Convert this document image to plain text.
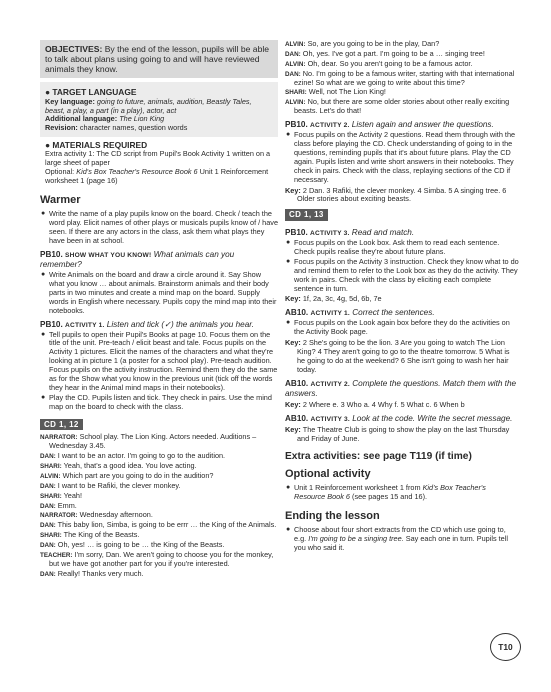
OBJECTIVES: By the end of the lesson, pupils will be able to talk about plans using going to and will have reviewed animals they know.

● TARGET LANGUAGE

Key language: going to future, animals, audition, Beastly Tales, beast, a play, a part (in a play), actor, act

Additional language: The Lion King

Revision: character names, question words

● MATERIALS REQUIRED

Extra activity 1: The CD script from Pupil's Book Activity 1 written on a large sheet of paper

Optional: Kid's Box Teacher's Resource Book 6 Unit 1 Reinforcement worksheet 1 (page 16)

Warmer
● Write the name of a play pupils know on the board. Check / teach the word play. Elicit names of other plays or musicals pupils know of / have seen. If there are any actors in the class, ask them what plays they have been in at school.

PB10. SHOW WHAT YOU KNOW! What animals can you remember?

● Write Animals on the board and draw a circle around it. Say Show what you know … about animals. Brainstorm animals and their body parts in two minutes and create a mind map on the board. Supply words in English where necessary. Pupils copy the mind map into their notebooks.

PB10. ACTIVITY 1. Listen and tick (✓) the animals you hear.

● Tell pupils to open their Pupil's Books at page 10. Focus them on the title of the unit. Pre-teach / elicit beast and tale. Focus pupils on the Activity 1 pictures. Elicit the names of the characters and what they're looking at in picture 1 (a poster for a school play). Pre-teach audition. Focus pupils on the activity instruction. Remind them they do the same as for the Show what you know in the previous unit (tick off the words they hear in the Animal mind maps in their notebooks).
● Play the CD. Pupils listen and tick. They check in pairs. Use the mind map on the board to check with the class.
CD 1, 12

NARRATOR: School play. The Lion King. Actors needed. Auditions – Wednesday 3.45.

DAN: I want to be an actor. I'm going to go to the audition.

SHARI: Yeah, that's a good idea. You love acting.

ALVIN: Which part are you going to do in the audition?

DAN: I want to be Rafiki, the clever monkey.

SHARI: Yeah!

DAN: Emm.

NARRATOR: Wednesday afternoon.

DAN: This baby lion, Simba, is going to be errr … the King of the Animals.

SHARI: The King of the Beasts.

DAN: Oh, yes! … is going to be … the King of the Beasts.

TEACHER: I'm sorry, Dan. We aren't going to choose you for the monkey, but we have got another part for you if you're interested.

DAN: Really! Thanks very much.

ALVIN: So, are you going to be in the play, Dan?

DAN: Oh, yes. I've got a part. I'm going to be a … singing tree!

ALVIN: Oh, dear. So you aren't going to be a famous actor.

DAN: No. I'm going to be a famous writer, starting with that international ezine! So what are we going to write about this time?

SHARI: Well, not The Lion King!

ALVIN: No, but there are some older stories about other really exciting beasts. Let's do that!

PB10. ACTIVITY 2. Listen again and answer the questions.

● Focus pupils on the Activity 2 questions. Read them through with the class before playing the CD. Check understanding of going to in the questions, reminding pupils that it's about future plans. Play the CD again. Pupils listen and write short answers in their notebooks. They check in pairs. Check with the class, replaying sections of the CD if necessary.

Key: 2 Dan. 3 Rafiki, the clever monkey. 4 Simba. 5 A singing tree. 6 Older stories about exciting beasts.

CD 1, 13

PB10. ACTIVITY 3. Read and match.

● Focus pupils on the Look box. Ask them to read each sentence. Check pupils realise they're about future plans.
● Focus pupils on the Activity 3 instruction. Check they know what to do and remind them to refer to the Look box as they do the activity. They work in pairs. Check with the class by eliciting each complete sentence in turn.

Key: 1f, 2a, 3c, 4g, 5d, 6b, 7e

AB10. ACTIVITY 1. Correct the sentences.

● Focus pupils on the Look again box before they do the activities on the Activity Book page.

Key: 2 She's going to be the lion. 3 Are you going to watch The Lion King? 4 They aren't going to go to the theatre tomorrow. 5 What is he going to do at the weekend? 6 She isn't going to wash her hair today.

AB10. ACTIVITY 2. Complete the questions. Match them with the answers.

Key: 2 Where e. 3 Who a. 4 Why f. 5 What c. 6 When b

AB10. ACTIVITY 3. Look at the code. Write the secret message.

Key: The Theatre Club is going to show the play on the last Thursday and Friday of June.

Extra activities: see page T119 (if time)
Optional activity
● Unit 1 Reinforcement worksheet 1 from Kid's Box Teacher's Resource Book 6 (see pages 15 and 16).
Ending the lesson
● Choose about four short extracts from the CD which use going to, e.g. I'm going to be a singing tree. Say each one in turn. Pupils tell you who said it.
T10
